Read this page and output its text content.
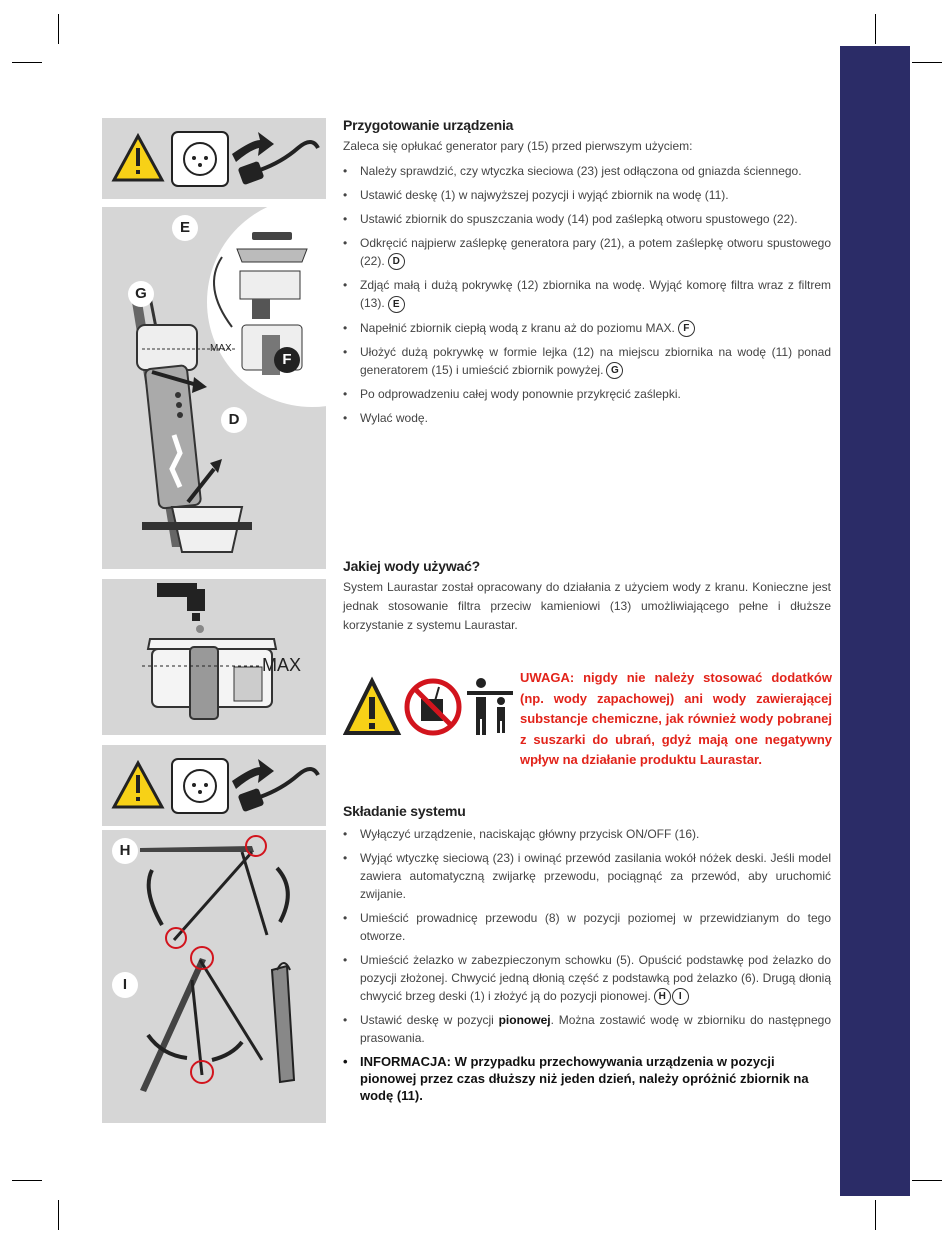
E
G
D
MAX
F
MAX
H
I
Przygotowanie urządzenia

Zaleca się opłukać generator pary (15) przed pierwszym użyciem:

• Należy sprawdzić, czy wtyczka sieciowa (23) jest odłączona od gniazda ściennego.
• Ustawić deskę (1) w najwyższej pozycji i wyjąć zbiornik na wodę (11).
• Ustawić zbiornik do spuszczania wody (14) pod zaślepką otworu spustowego (22).
• Odkręcić najpierw zaślepkę generatora pary (21), a potem zaślepkę otworu spustowego (22). D
• Zdjąć małą i dużą pokrywkę (12) zbiornika na wodę. Wyjąć komorę filtra wraz z filtrem (13). E
• Napełnić zbiornik ciepłą wodą z kranu aż do poziomu MAX. F
• Ułożyć dużą pokrywkę w formie lejka (12) na miejscu zbiornika na wodę (11) ponad generatorem (15) i umieścić zbiornik powyżej. G
• Po odprowadzeniu całej wody ponownie przykręcić zaślepki.
• Wylać wodę.
Jakiej wody używać?

System Laurastar został opracowany do działania z użyciem wody z kranu. Konieczne jest jednak stosowanie filtra przeciw kamieniowi (13) umożliwiającego pełne i dłuższe korzystanie z systemu Laurastar.

UWAGA: nigdy nie należy stosować dodatków (np. wody zapachowej) ani wody zawierającej substancje chemiczne, jak również wody pobranej z suszarki do ubrań, gdyż mają one negatywny wpływ na działanie produktu Laurastar.
Składanie systemu
• Wyłączyć urządzenie, naciskając główny przycisk ON/OFF (16).
• Wyjąć wtyczkę sieciową (23) i owinąć przewód zasilania wokół nóżek deski. Jeśli model zawiera automatyczną zwijarkę przewodu, pociągnąć za przewód, aby uruchomić zwijanie.
• Umieścić prowadnicę przewodu (8) w pozycji poziomej w przewidzianym do tego otworze.
• Umieścić żelazko w zabezpieczonym schowku (5). Opuścić podstawkę pod żelazko do pozycji złożonej. Chwycić jedną dłonią część z podstawką pod żelazko (6). Drugą dłonią chwycić brzeg deski (1) i złożyć ją do pozycji pionowej. H I
• Ustawić deskę w pozycji pionowej. Można zostawić wodę w zbiorniku do następnego prasowania.
• INFORMACJA: W przypadku przechowywania urządzenia w pozycji pionowej przez czas dłuższy niż jeden dzień, należy opróżnić zbiornik na wodę (11).
